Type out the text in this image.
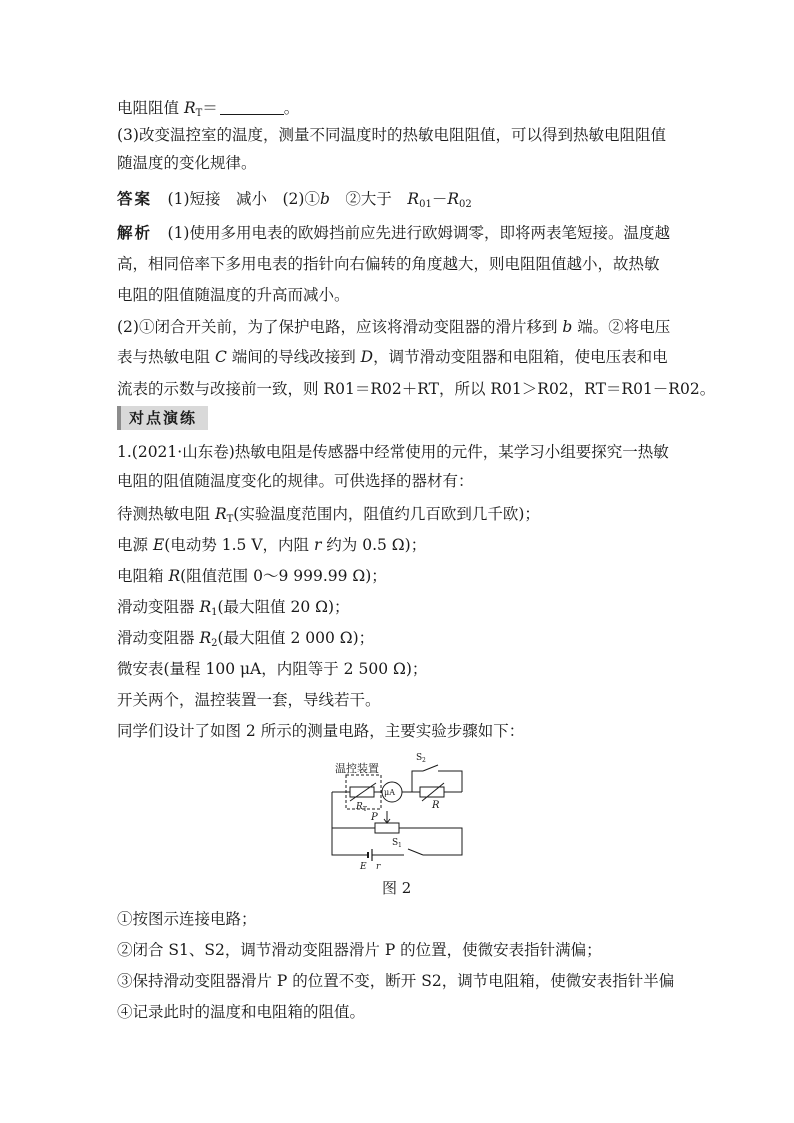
电阻阻值 $R_T=$	。
(3)改变温控室的温度，测量不同温度时的热敏电阻阻值，可以得到热敏电阻阻值
随温度的变化规律。
答案　 (1)短接　减小　(2)①b　②大于　$R_{01}-R_{02}$
解析　(1)使用多用电表的欧姆挡前应先进行欧姆调零，即将两表笔短接。温度越
高，相同倍率下多用电表的指针向右偏转的角度越大，则电阻阻值越小，故热敏
电阻的阻值随温度的升高而减小。
(2)①闭合开关前，为了保护电路，应该将滑动变阻器的滑片移到 b 端。②将电压
表与热敏电阻 C 端间的导线改接到 D，调节滑动变阻器和电阻箱，使电压表和电
流表的示数与改接前一致，则 R01＝R02＋RT，所以 R01＞R02，RT＝R01－R02。
对点演练
1.(2021·山东卷)热敏电阻是传感器中经常使用的元件，某学习小组要探究一热敏
电阻的阻值随温度变化的规律。可供选择的器材有：
待测热敏电阻 $R_T$(实验温度范围内，阻值约几百欧到几千欧)；
电源 E(电动势 1.5 V，内阻 r 约为 0.5 Ω)；
电阻箱 R(阻值范围 0～9 999.99 Ω)；
滑动变阻器 $R_1$(最大阻值 20 Ω)；
滑动变阻器 $R_2$(最大阻值 2 000 Ω)；
微安表(量程 100 μA，内阻等于 2 500 Ω)；
开关两个，温控装置一套，导线若干。
同学们设计了如图 2 所示的测量电路，主要实验步骤如下：
温控装置
R T
μA
S 2
R
P
S 1
E r
图 2
①按图示连接电路；
②闭合 S1、S2，调节滑动变阻器滑片 P 的位置，使微安表指针满偏；
③保持滑动变阻器滑片 P 的位置不变，断开 S2，调节电阻箱，使微安表指针半偏
④记录此时的温度和电阻箱的阻值。
